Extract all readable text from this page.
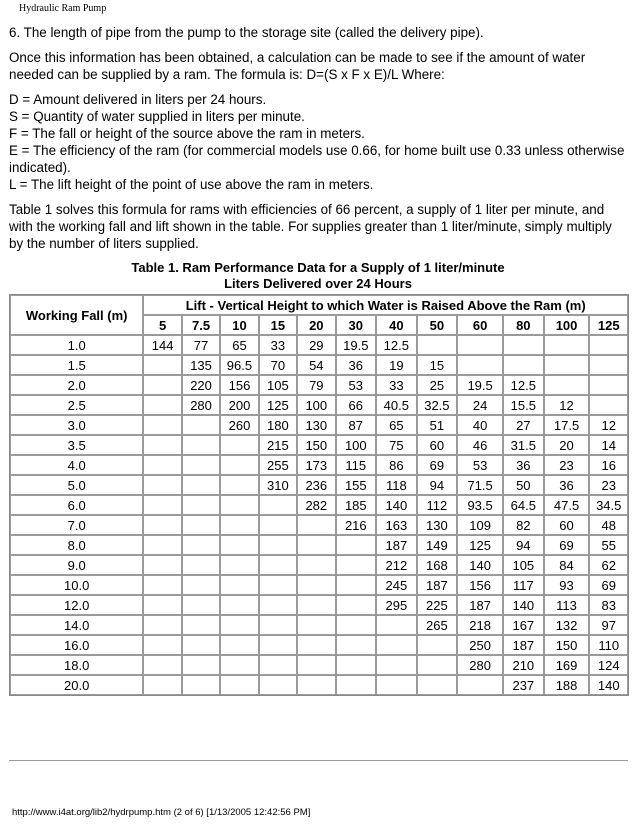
Hydraulic Ram Pump

6. The length of pipe from the pump to the storage site (called the delivery pipe).

Once this information has been obtained, a calculation can be made to see if the amount of water needed can be supplied by a ram. The formula is: D=(S x F x E)/L Where:

D = Amount delivered in liters per 24 hours.
S = Quantity of water supplied in liters per minute.
F = The fall or height of the source above the ram in meters.
E = The efficiency of the ram (for commercial models use 0.66, for home built use 0.33 unless otherwise indicated).
L = The lift height of the point of use above the ram in meters.

Table 1 solves this formula for rams with efficiencies of 66 percent, a supply of 1 liter per minute, and with the working fall and lift shown in the table. For supplies greater than 1 liter/minute, simply multiply by the number of liters supplied.

Table 1. Ram Performance Data for a Supply of 1 liter/minute
Liters Delivered over 24 Hours
Working Fall (m)	Lift - Vertical Height to which Water is Raised Above the Ram (m)											
	5	7.5	10	15	20	30	40	50	60	80	100	125
1.0	144	77	65	33	29	19.5	12.5					
1.5		135	96.5	70	54	36	19	15				
2.0		220	156	105	79	53	33	25	19.5	12.5		
2.5		280	200	125	100	66	40.5	32.5	24	15.5	12	
3.0			260	180	130	87	65	51	40	27	17.5	12
3.5				215	150	100	75	60	46	31.5	20	14
4.0				255	173	115	86	69	53	36	23	16
5.0				310	236	155	118	94	71.5	50	36	23
6.0					282	185	140	112	93.5	64.5	47.5	34.5
7.0						216	163	130	109	82	60	48
8.0							187	149	125	94	69	55
9.0							212	168	140	105	84	62
10.0							245	187	156	117	93	69
12.0							295	225	187	140	113	83
14.0								265	218	167	132	97
16.0									250	187	150	110
18.0									280	210	169	124
20.0										237	188	140
http://www.i4at.org/lib2/hydrpump.htm (2 of 6) [1/13/2005 12:42:56 PM]
